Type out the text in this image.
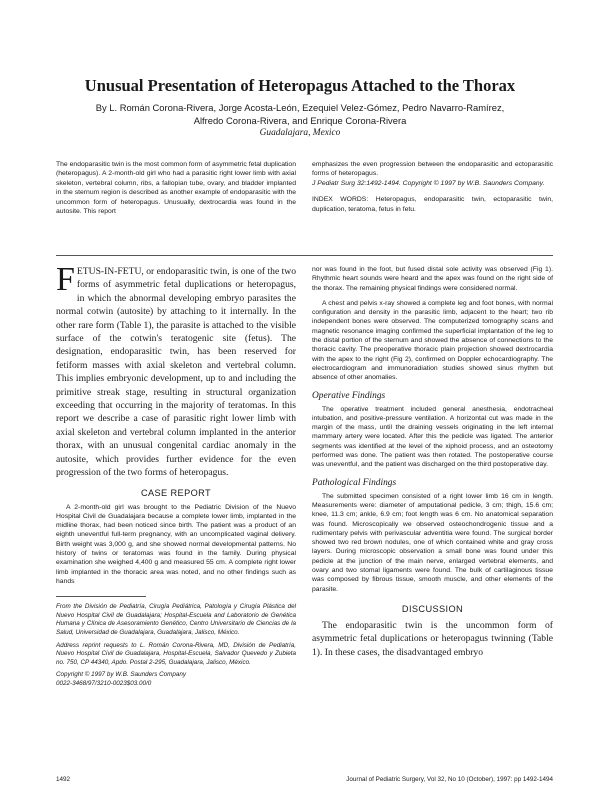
Unusual Presentation of Heteropagus Attached to the Thorax
By L. Román Corona-Rivera, Jorge Acosta-León, Ezequiel Velez-Gómez, Pedro Navarro-Ramírez, Alfredo Corona-Rivera, and Enrique Corona-Rivera
Guadalajara, Mexico
The endoparasitic twin is the most common form of asymmetric fetal duplication (heteropagus). A 2-month-old girl who had a parasitic right lower limb with axial skeleton, vertebral column, ribs, a fallopian tube, ovary, and bladder implanted in the sternum region is described as another example of endoparasitic with the uncommon form of heteropagus. Unusually, dextrocardia was found in the autosite. This report
emphasizes the even progression between the endoparasitic and ectoparasitic forms of heteropagus.
J Pediatr Surg 32:1492-1494. Copyright © 1997 by W.B. Saunders Company.
INDEX WORDS: Heteropagus, endoparasitic twin, ectoparasitic twin, duplication, teratoma, fetus in fetu.

FETUS-IN-FETU, or endoparasitic twin, is one of the two forms of asymmetric fetal duplications or heteropagus, in which the abnormal developing embryo parasites the normal cotwin (autosite) by attaching to it internally. In the other rare form (Table 1), the parasite is attached to the visible surface of the cotwin's teratogenic site (fetus). The designation, endoparasitic twin, has been reserved for fetiform masses with axial skeleton and vertebral column. This implies embryonic development, up to and including the primitive streak stage, resulting in structural organization exceeding that occurring in the majority of teratomas. In this report we describe a case of parasitic right lower limb with axial skeleton and vertebral column implanted in the anterior thorax, with an unusual congenital cardiac anomaly in the autosite, which provides further evidence for the even progression of the two forms of heteropagus.

CASE REPORT

A 2-month-old girl was brought to the Pediatric Division of the Nuevo Hospital Civil de Guadalajara because a complete lower limb, implanted in the midline thorax, had been noticed since birth. The patient was a product of an eighth uneventful full-term pregnancy, with an uncomplicated vaginal delivery. Birth weight was 3,000 g, and she showed normal developmental patterns. No history of twins or teratomas was found in the family. During physical examination she weighed 4,400 g and measured 55 cm. A complete right lower limb implanted in the thoracic area was noted, and no other findings such as hands

From the División de Pediatría, Cirugía Pediátrica, Patología y Cirugía Plástica del Nuevo Hospital Civil de Guadalajara; Hospital-Escuela and Laboratorio de Genética Humana y Clínica de Asesoramiento Genético, Centro Universitario de Ciencias de la Salud, Universidad de Guadalajara, Guadalajara, Jalisco, México.

Address reprint requests to L. Román Corona-Rivera, MD, División de Pediatría, Nuevo Hospital Civil de Guadalajara, Hospital-Escuela, Salvador Quevedo y Zubieta no. 750, CP 44340, Apdo. Postal 2-295, Guadalajara, Jalisco, México.

Copyright © 1997 by W.B. Saunders Company

0022-3468/97/3210-0023$03.00/0

nor was found in the foot, but fused distal sole activity was observed (Fig 1). Rhythmic heart sounds were heard and the apex was found on the right side of the thorax. The remaining physical findings were considered normal.

A chest and pelvis x-ray showed a complete leg and foot bones, with normal configuration and density in the parasitic limb, adjacent to the heart; two rib independent bones were observed. The computerized tomography scans and magnetic resonance imaging confirmed the superficial implantation of the leg to the distal portion of the sternum and showed the absence of connections to the thoracic cavity. The preoperative thoracic plain projection showed dextrocardia with the apex to the right (Fig 2), confirmed on Doppler echocardiography. The electrocardiogram and immunoradiation studies showed sinus rhythm but absence of other anomalies.

Operative Findings

The operative treatment included general anesthesia, endotracheal intubation, and positive-pressure ventilation. A horizontal cut was made in the margin of the mass, until the draining vessels originating in the left internal mammary artery were located. After this the pedicle was ligated. The anterior segments was identified at the level of the xiphoid process, and an osteotomy performed was done. The patient was then rotated. The postoperative course was uneventful, and the patient was discharged on the third postoperative day.

Pathological Findings

The submitted specimen consisted of a right lower limb 16 cm in length. Measurements were: diameter of amputational pedicle, 3 cm; thigh, 15.6 cm; knee, 11.3 cm; ankle, 6.9 cm; foot length was 6 cm. No anatomical separation was found. Microscopically we observed osteochondrogenic tissue and a rudimentary pelvis with perivascular adventitia were found. The surgical border showed two red brown nodules, one of which contained white and gray cross layers. During microscopic observation a small bone was found under this pedicle at the junction of the main nerve, enlarged vertebral elements, and ovary and two stomal ligaments were found. The bulk of cartilaginous tissue was composed by fibrous tissue, smooth muscle, and other elements of the parasite.

DISCUSSION

The endoparasitic twin is the uncommon form of asymmetric fetal duplications or heteropagus twinning (Table 1). In these cases, the disadvantaged embryo

1492	Journal of Pediatric Surgery, Vol 32, No 10 (October), 1997: pp 1492-1494
